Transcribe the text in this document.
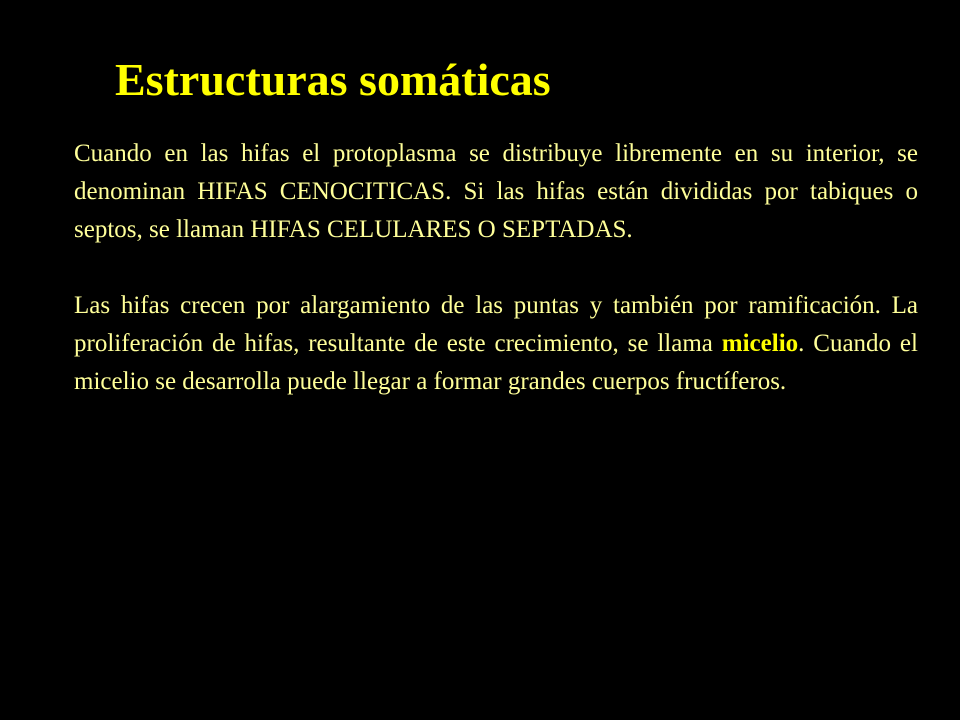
Estructuras somáticas

Cuando en las hifas el protoplasma se distribuye libremente en su interior, se denominan HIFAS CENOCITICAS. Si las hifas están divididas por tabiques o septos, se llaman HIFAS CELULARES O SEPTADAS.

Las hifas crecen por alargamiento de las puntas y también por ramificación. La proliferación de hifas, resultante de este crecimiento, se llama micelio. Cuando el micelio se desarrolla puede llegar a formar grandes cuerpos fructíferos.
